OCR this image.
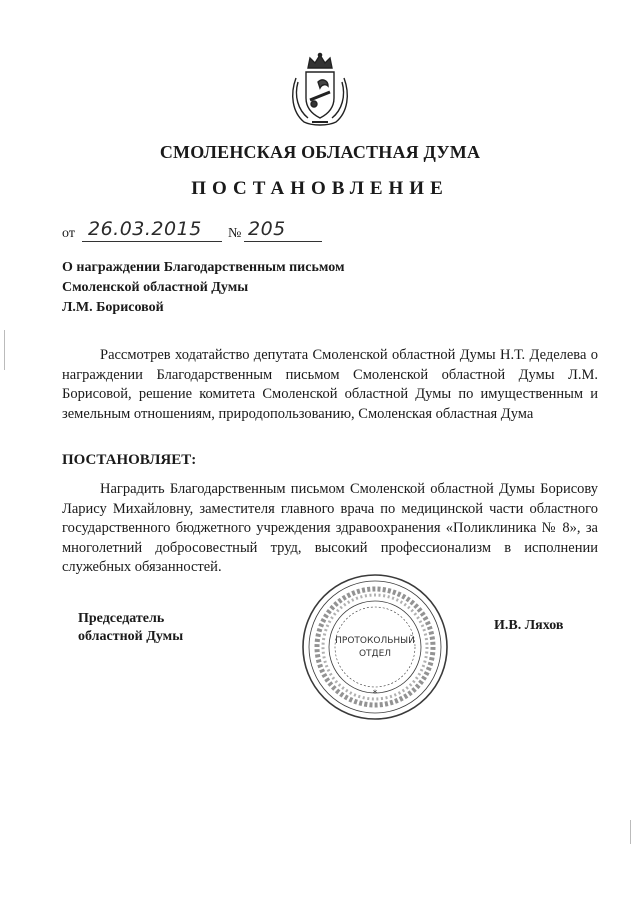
СМОЛЕНСКАЯ ОБЛАСТНАЯ ДУМА
ПОСТАНОВЛЕНИЕ
от 26.03.2015 № 205
О награждении Благодарственным письмом
Смоленской областной Думы
Л.М. Борисовой
Рассмотрев ходатайство депутата Смоленской областной Думы Н.Т. Деделева о награждении Благодарственным письмом Смоленской областной Думы Л.М. Борисовой, решение комитета Смоленской областной Думы по имущественным и земельным отношениям, природопользованию, Смоленская областная Дума
ПОСТАНОВЛЯЕТ:
Наградить Благодарственным письмом Смоленской областной Думы Борисову Ларису Михайловну, заместителя главного врача по медицинской части областного государственного бюджетного учреждения здравоохранения «Поликлиника № 8», за многолетний добросовестный труд, высокий профессионализм в исполнении служебных обязанностей.
Председатель
областной Думы
И.В. Ляхов
ПРОТОКОЛЬНЫЙ
ОТДЕЛ
*
